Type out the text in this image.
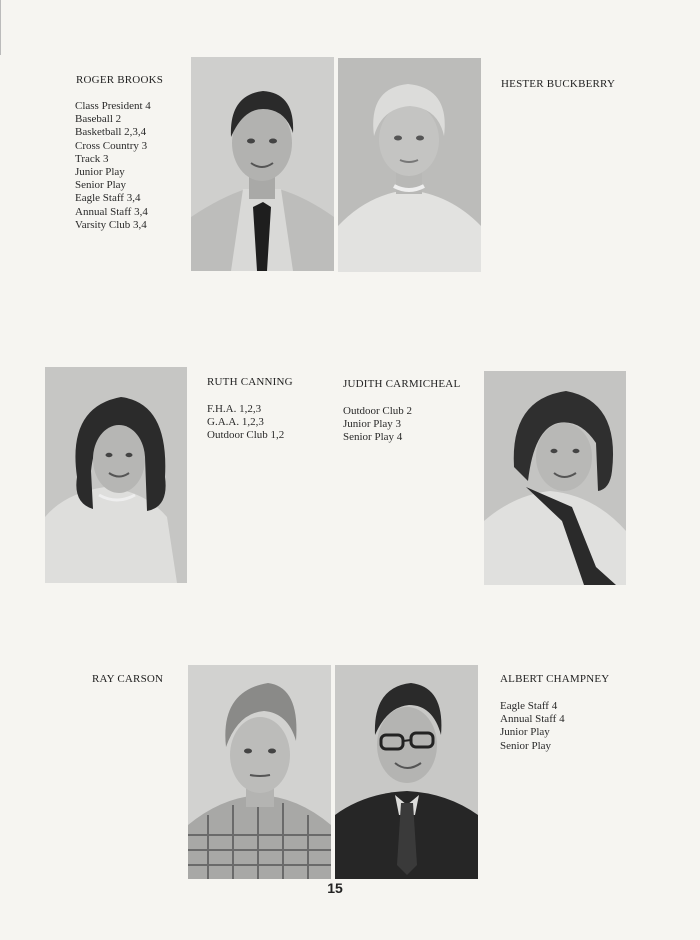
ROGER BROOKS
Class President 4
Baseball 2
Basketball 2,3,4
Cross Country 3
Track 3
Junior Play
Senior Play
Eagle Staff 3,4
Annual Staff 3,4
Varsity Club 3,4
HESTER BUCKBERRY
RUTH CANNING
F.H.A. 1,2,3
G.A.A. 1,2,3
Outdoor Club 1,2
JUDITH CARMICHEAL
Outdoor Club 2
Junior Play 3
Senior Play 4
RAY CARSON	ALBERT CHAMPNEY
Eagle Staff 4
Annual Staff 4
Junior Play
Senior Play
15
